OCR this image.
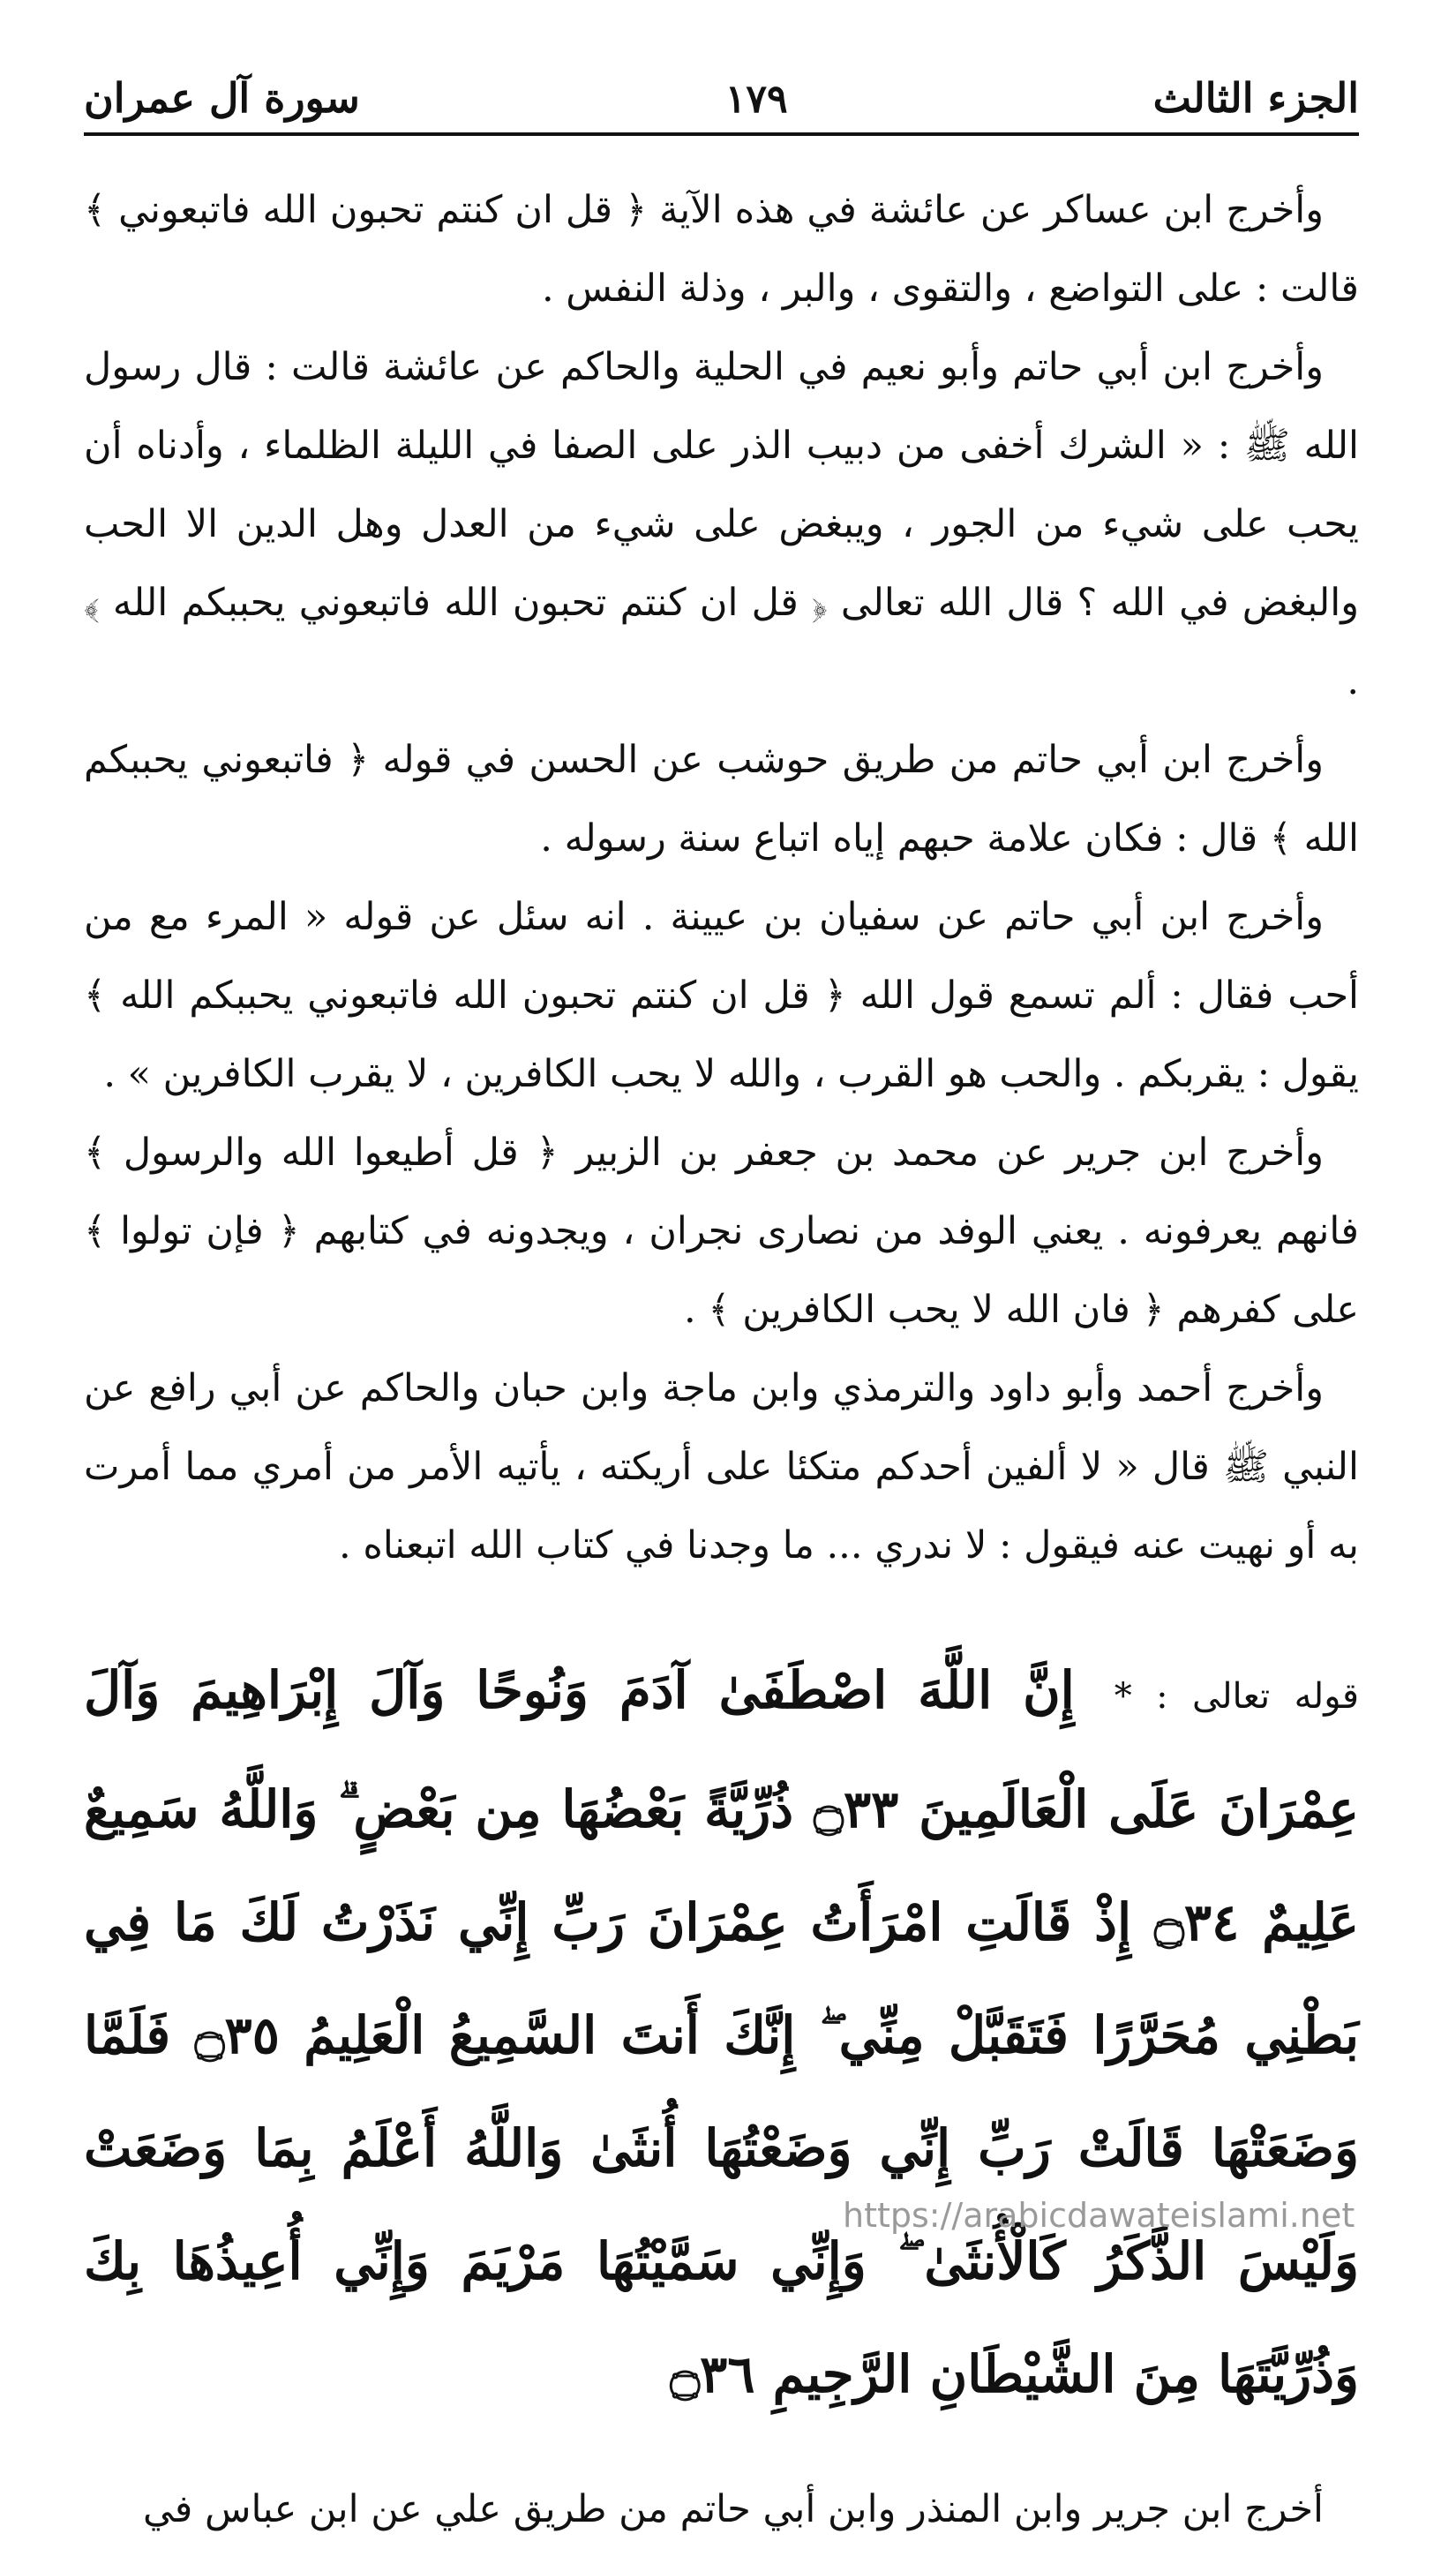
الجزء الثالث
١٧٩
سورة آل عمران

وأخرج ابن عساكر عن عائشة في هذه الآية ﴿ قل ان كنتم تحبون الله فاتبعوني ﴾ قالت : على التواضع ، والتقوى ، والبر ، وذلة النفس .

وأخرج ابن أبي حاتم وأبو نعيم في الحلية والحاكم عن عائشة قالت : قال رسول الله ﷺ : « الشرك أخفى من دبيب الذر على الصفا في الليلة الظلماء ، وأدناه أن يحب على شيء من الجور ، ويبغض على شيء من العدل وهل الدين الا الحب والبغض في الله ؟ قال الله تعالى ﴿ قل ان كنتم تحبون الله فاتبعوني يحببكم الله ﴾ .

وأخرج ابن أبي حاتم من طريق حوشب عن الحسن في قوله ﴿ فاتبعوني يحببكم الله ﴾ قال : فكان علامة حبهم إياه اتباع سنة رسوله .

وأخرج ابن أبي حاتم عن سفيان بن عيينة . انه سئل عن قوله « المرء مع من أحب فقال : ألم تسمع قول الله ﴿ قل ان كنتم تحبون الله فاتبعوني يحببكم الله ﴾ يقول : يقربكم . والحب هو القرب ، والله لا يحب الكافرين ، لا يقرب الكافرين » .

وأخرج ابن جرير عن محمد بن جعفر بن الزبير ﴿ قل أطيعوا الله والرسول ﴾ فانهم يعرفونه . يعني الوفد من نصارى نجران ، ويجدونه في كتابهم ﴿ فإن تولوا ﴾ على كفرهم ﴿ فان الله لا يحب الكافرين ﴾ .

وأخرج أحمد وأبو داود والترمذي وابن ماجة وابن حبان والحاكم عن أبي رافع عن النبي ﷺ قال « لا ألفين أحدكم متكئا على أريكته ، يأتيه الأمر من أمري مما أمرت به أو نهيت عنه فيقول : لا ندري ... ما وجدنا في كتاب الله اتبعناه .

قوله تعالى : * إِنَّ اللَّهَ اصْطَفَىٰ آدَمَ وَنُوحًا وَآلَ إِبْرَاهِيمَ وَآلَ عِمْرَانَ عَلَى الْعَالَمِينَ ۝٣٣ ذُرِّيَّةً بَعْضُهَا مِن بَعْضٍ ۗ وَاللَّهُ سَمِيعٌ عَلِيمٌ ۝٣٤ إِذْ قَالَتِ امْرَأَتُ عِمْرَانَ رَبِّ إِنِّي نَذَرْتُ لَكَ مَا فِي بَطْنِي مُحَرَّرًا فَتَقَبَّلْ مِنِّي ۖ إِنَّكَ أَنتَ السَّمِيعُ الْعَلِيمُ ۝٣٥ فَلَمَّا وَضَعَتْهَا قَالَتْ رَبِّ إِنِّي وَضَعْتُهَا أُنثَىٰ وَاللَّهُ أَعْلَمُ بِمَا وَضَعَتْ وَلَيْسَ الذَّكَرُ كَالْأُنثَىٰ ۖ وَإِنِّي سَمَّيْتُهَا مَرْيَمَ وَإِنِّي أُعِيذُهَا بِكَ وَذُرِّيَّتَهَا مِنَ الشَّيْطَانِ الرَّجِيمِ ۝٣٦
أخرج ابن جرير وابن المنذر وابن أبي حاتم من طريق علي عن ابن عباس في
https://arabicdawateislami.net
